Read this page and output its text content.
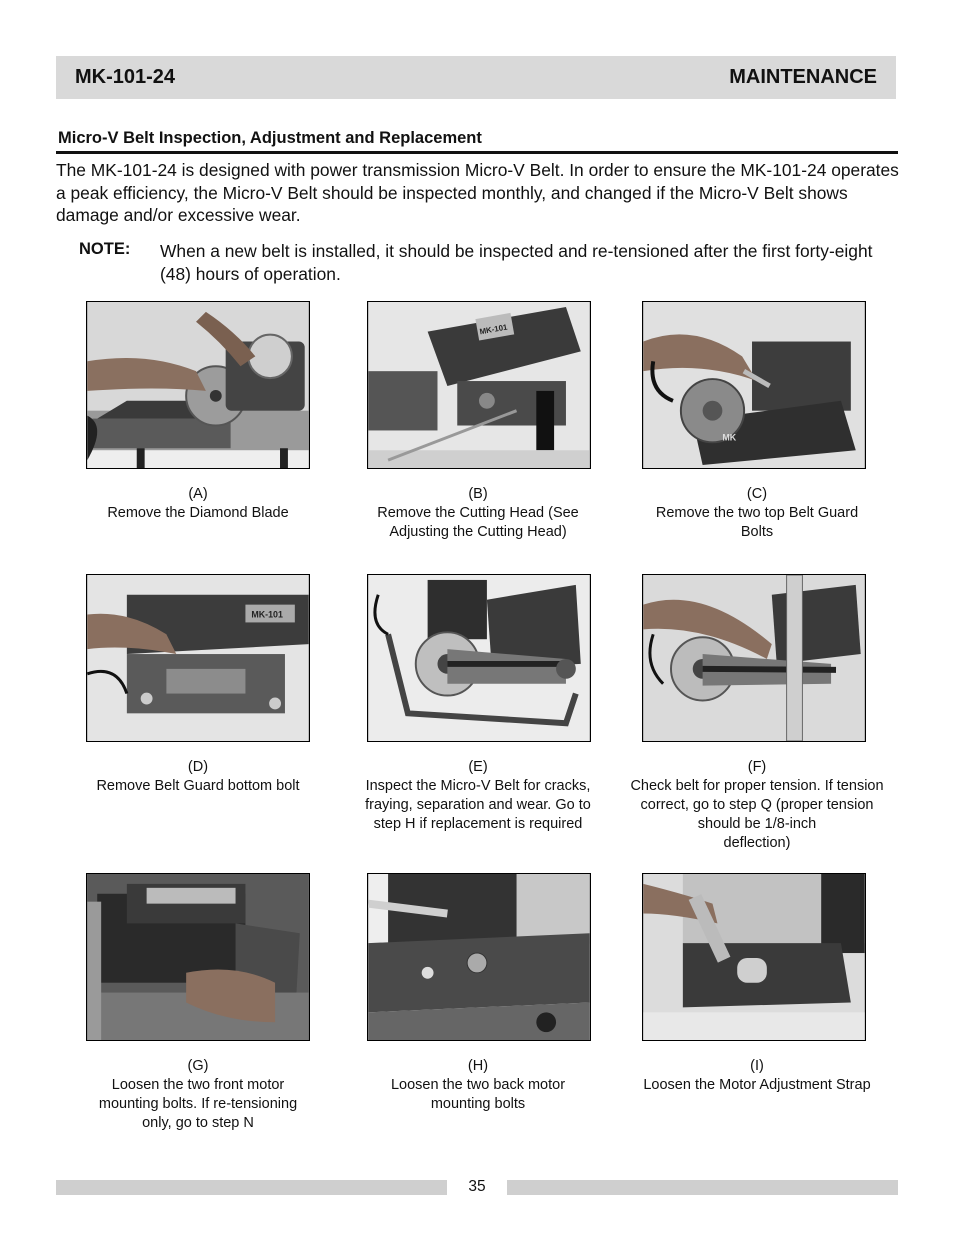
MK-101-24	MAINTENANCE
Micro-V Belt Inspection, Adjustment and Replacement

The MK-101-24 is designed with power transmission Micro-V Belt. In order to ensure the MK-101-24 operates a peak efficiency, the Micro-V Belt should be inspected monthly, and changed if the Micro-V Belt shows damage and/or excessive wear.

NOTE: When a new belt is installed, it should be inspected and re-tensioned after the first forty-eight (48) hours of operation.

MK-101
MK
MK-101
(A)
Remove the Diamond Blade
(B)
Remove the Cutting Head (See
Adjusting the Cutting Head)
(C)
Remove the two top Belt Guard
Bolts
(D)
Remove Belt Guard bottom bolt
(E)
Inspect the Micro-V Belt for cracks,
fraying, separation and wear. Go to
step H if replacement is required
(F)
Check belt for proper tension. If tension
correct, go to step Q (proper tension
should be 1/8-inch
deflection)
(G)
Loosen the two front motor
mounting bolts. If re-tensioning
only, go to step N
(H)
Loosen the two back motor
mounting bolts
(I)
Loosen the Motor Adjustment Strap
35
